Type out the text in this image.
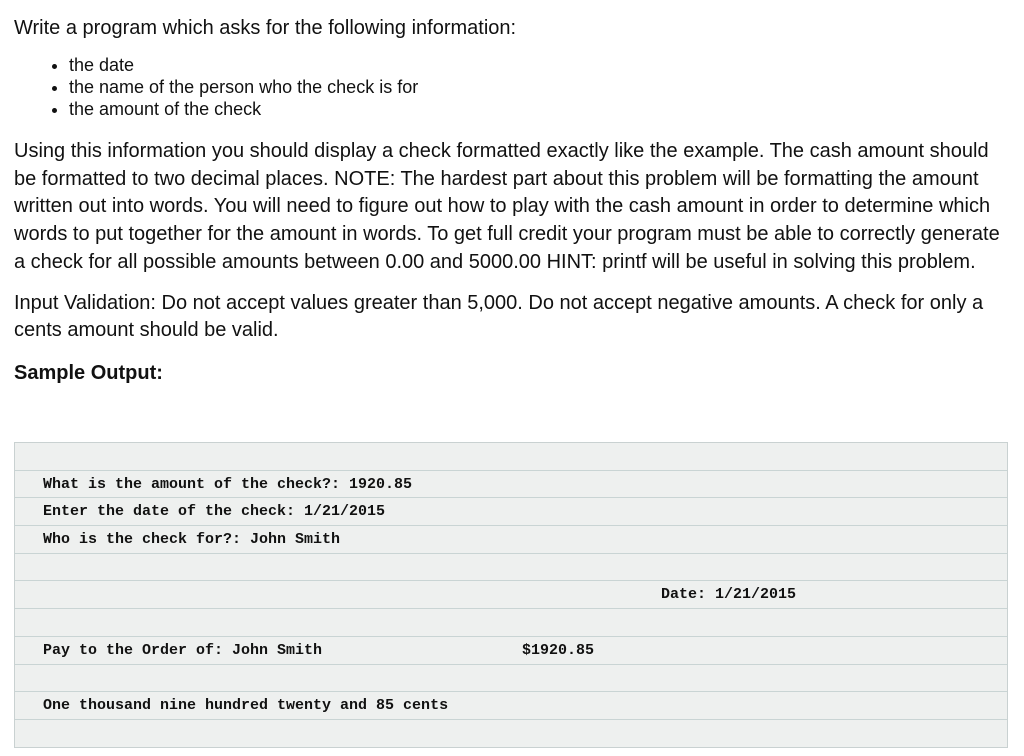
Write a program which asks for the following information:

• the date
• the name of the person who the check is for
• the amount of the check

Using this information you should display a check formatted exactly like the example. The cash amount should be formatted to two decimal places. NOTE: The hardest part about this problem will be formatting the amount written out into words. You will need to figure out how to play with the cash amount in order to determine which words to put together for the amount in words. To get full credit your program must be able to correctly generate a check for all possible amounts between 0.00 and 5000.00 HINT: printf will be useful in solving this problem.

Input Validation: Do not accept values greater than 5,000. Do not accept negative amounts. A check for only a cents amount should be valid.

Sample Output:

What is the amount of the check?: 1920.85

Enter the date of the check: 1/21/2015

Who is the check for?: John Smith

Date: 1/21/2015

Pay to the Order of: John Smith

	$1920.85

One thousand nine hundred twenty and 85 cents
